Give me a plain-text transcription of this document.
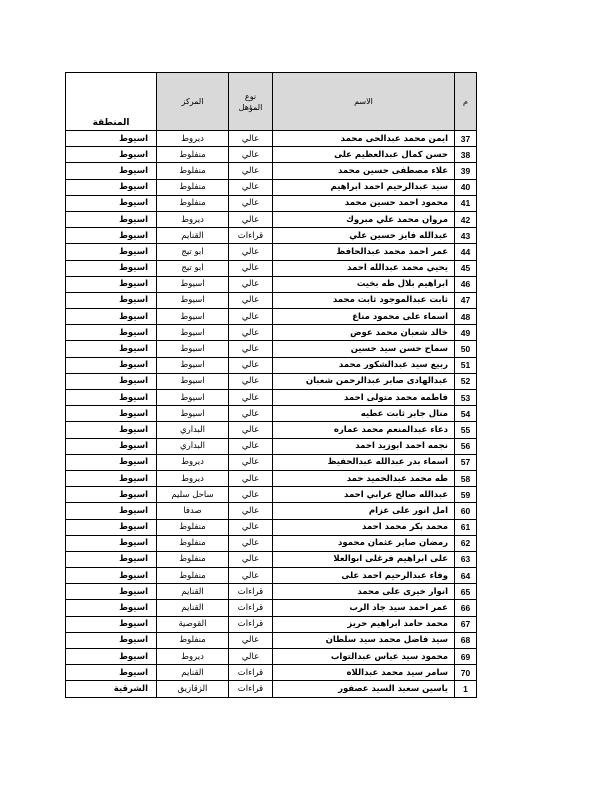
م	الاسم	نوع المؤهل	المركز	المنطقة
37	ايمن محمد عبدالحى محمد	عالي	ديروط	اسيوط
38	حسن كمال عبدالعظيم على	عالي	منفلوط	اسيوط
39	علاء مصطفى حسين محمد	عالي	منفلوط	اسيوط
40	سيد عبدالرحيم احمد ابراهيم	عالي	منفلوط	اسيوط
41	محمود احمد حسين محمد	عالي	منفلوط	اسيوط
42	مروان محمد علي مبروك	عالي	ديروط	اسيوط
43	عبدالله فايز حسين علي	قراءات	القنايم	اسيوط
44	عمر احمد محمد عبدالحافظ	عالي	ابو تيج	اسيوط
45	يحيي محمد عبدالله احمد	عالي	ابو تيج	اسيوط
46	ابراهيم بلال طه بخيت	عالي	اسيوط	اسيوط
47	ثابت عبدالموجود ثابت محمد	عالي	اسيوط	اسيوط
48	اسماء على محمود مناع	عالي	اسيوط	اسيوط
49	خالد شعبان محمد عوض	عالي	اسيوط	اسيوط
50	سماح حسن سيد حسين	عالي	اسيوط	اسيوط
51	ربيع سيد عبدالشكور محمد	عالي	اسيوط	اسيوط
52	عبدالهادى صابر عبدالرحمن شعبان	عالي	اسيوط	اسيوط
53	فاطمه محمد متولى احمد	عالي	اسيوط	اسيوط
54	منال جابر ثابت عطيه	عالي	اسيوط	اسيوط
55	دعاء عبدالمنعم محمد عماره	عالي	البداري	اسيوط
56	نجمه احمد ابوزيد احمد	عالي	البداري	اسيوط
57	اسماء بدر عبدالله عبدالحفيظ	عالي	ديروط	اسيوط
58	طه محمد عبدالحميد حمد	عالي	ديروط	اسيوط
59	عبدالله صالح عرابي احمد	عالي	ساحل سليم	اسيوط
60	امل انور على عزام	عالي	صدفا	اسيوط
61	محمد بكر محمد احمد	عالي	منفلوط	اسيوط
62	رمضان صابر عثمان محمود	عالي	منفلوط	اسيوط
63	على ابراهيم فرغلى ابوالعلا	عالي	منفلوط	اسيوط
64	وفاء عبدالرحيم احمد على	عالي	منفلوط	اسيوط
65	انوار خيرى على محمد	قراءات	القنايم	اسيوط
66	عمر احمد سيد جاد الرب	قراءات	القنايم	اسيوط
67	محمد حامد ابراهيم حريز	قراءات	القوصية	اسيوط
68	سيد فاضل محمد سيد سلطان	عالي	منفلوط	اسيوط
69	محمود سيد عباس عبدالتواب	عالي	ديروط	اسيوط
70	سامر سيد محمد عبداللاه	قراءات	القنايم	اسيوط
1	ياسين سعيد السيد عصفور	قراءات	الزقازيق	الشرقية
